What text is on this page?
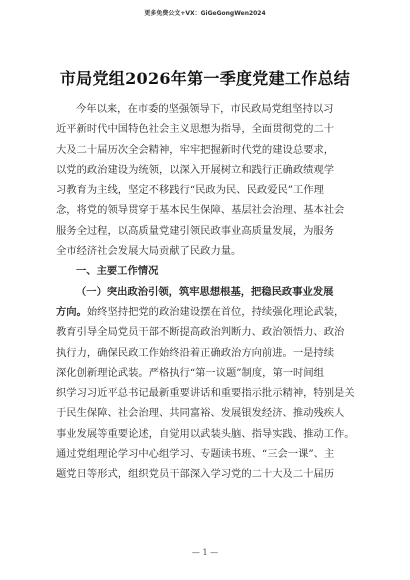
更多免费公文+VX：GiGeGongWen2024
市局党组2026年第一季度党建工作总结
今年以来，在市委的坚强领导下，市民政局党组坚持以习
近平新时代中国特色社会主义思想为指导，全面贯彻党的二十
大及二十届历次全会精神，牢牢把握新时代党的建设总要求，
以党的政治建设为统领，以深入开展树立和践行正确政绩观学
习教育为主线，坚定不移践行“民政为民、民政爱民”工作理
念，将党的领导贯穿于基本民生保障、基层社会治理、基本社会
服务全过程，以高质量党建引领民政事业高质量发展，为服务
全市经济社会发展大局贡献了民政力量。
一、主要工作情况
（一）突出政治引领，筑牢思想根基，把稳民政事业发展
方向。始终坚持把党的政治建设摆在首位，持续强化理论武装，
教育引导全局党员干部不断提高政治判断力、政治领悟力、政治
执行力，确保民政工作始终沿着正确政治方向前进。一是持续
深化创新理论武装。严格执行“第一议题”制度，第一时间组
织学习习近平总书记最新重要讲话和重要指示批示精神，特别是关
于民生保障、社会治理、共同富裕、发展银发经济、推动残疾人
事业发展等重要论述，自觉用以武装头脑、指导实践、推动工作。
通过党组理论学习中心组学习、专题读书班、“三会一课”、主
题党日等形式，组织党员干部深入学习党的二十大及二十届历
— 1 —
